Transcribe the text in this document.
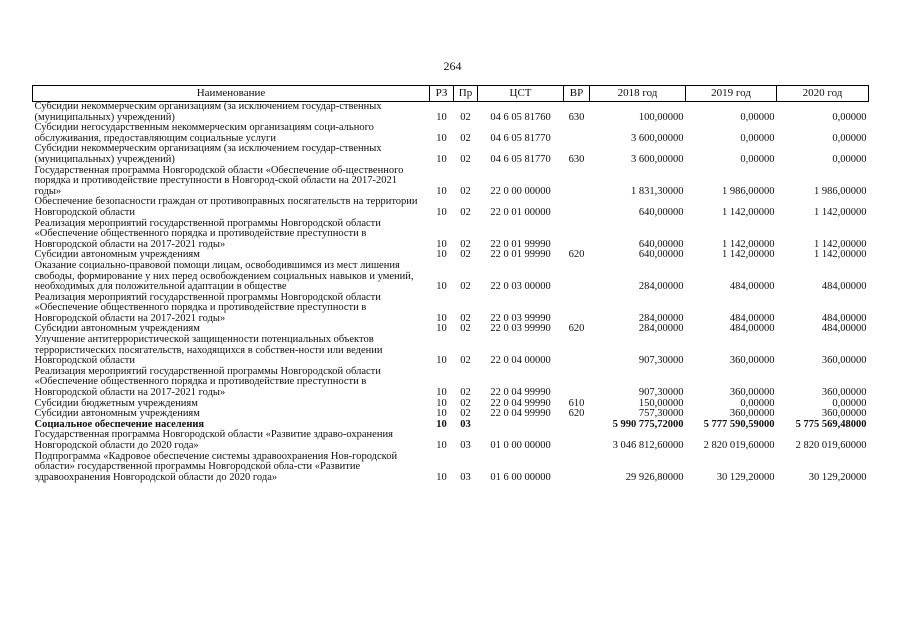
264
Наименование	РЗ	Пр	ЦСТ	ВР	2018 год	2019 год	2020 год
Субсидии некоммерческим организациям (за исключением государ-ственных (муниципальных) учреждений)	10	02	04 6 05 81760	630	100,00000	0,00000	0,00000
Субсидии негосударственным некоммерческим организациям соци-ального обслуживания, предоставляющим социальные услуги	10	02	04 6 05 81770		3 600,00000	0,00000	0,00000
Субсидии некоммерческим организациям (за исключением государ-ственных (муниципальных) учреждений)	10	02	04 6 05 81770	630	3 600,00000	0,00000	0,00000
Государственная программа Новгородской области «Обеспечение об-щественного порядка и противодействие преступности в Новгород-ской области на 2017-2021 годы»	10	02	22 0 00 00000		1 831,30000	1 986,00000	1 986,00000
Обеспечение безопасности граждан от противоправных посягательств на территории Новгородской области	10	02	22 0 01 00000		640,00000	1 142,00000	1 142,00000
Реализация мероприятий государственной программы Новгородской области «Обеспечение общественного порядка и противодействие преступности в Новгородской области на 2017-2021 годы»	10	02	22 0 01 99990		640,00000	1 142,00000	1 142,00000
Субсидии автономным учреждениям	10	02	22 0 01 99990	620	640,00000	1 142,00000	1 142,00000
Оказание социально-правовой помощи лицам, освободившимся из мест лишения свободы, формирование у них перед освобождением социальных навыков и умений, необходимых для положительной адаптации в обществе	10	02	22 0 03 00000		284,00000	484,00000	484,00000
Реализация мероприятий государственной программы Новгородской области «Обеспечение общественного порядка и противодействие преступности в Новгородской области на 2017-2021 годы»	10	02	22 0 03 99990		284,00000	484,00000	484,00000
Субсидии автономным учреждениям	10	02	22 0 03 99990	620	284,00000	484,00000	484,00000
Улучшение антитеррористической защищенности потенциальных объектов террористических посягательств, находящихся в собствен-ности или ведении Новгородской области	10	02	22 0 04 00000		907,30000	360,00000	360,00000
Реализация мероприятий государственной программы Новгородской области «Обеспечение общественного порядка и противодействие преступности в Новгородской области на 2017-2021 годы»	10	02	22 0 04 99990		907,30000	360,00000	360,00000
Субсидии бюджетным учреждениям	10	02	22 0 04 99990	610	150,00000	0,00000	0,00000
Субсидии автономным учреждениям	10	02	22 0 04 99990	620	757,30000	360,00000	360,00000
Социальное обеспечение населения	10	03			5 990 775,72000	5 777 590,59000	5 775 569,48000
Государственная программа Новгородской области «Развитие здраво-охранения Новгородской области до 2020 года»	10	03	01 0 00 00000		3 046 812,60000	2 820 019,60000	2 820 019,60000
Подпрограмма «Кадровое обеспечение системы здравоохранения Нов-городской области» государственной программы Новгородской обла-сти «Развитие здравоохранения Новгородской области до 2020 года»	10	03	01 6 00 00000		29 926,80000	30 129,20000	30 129,20000
